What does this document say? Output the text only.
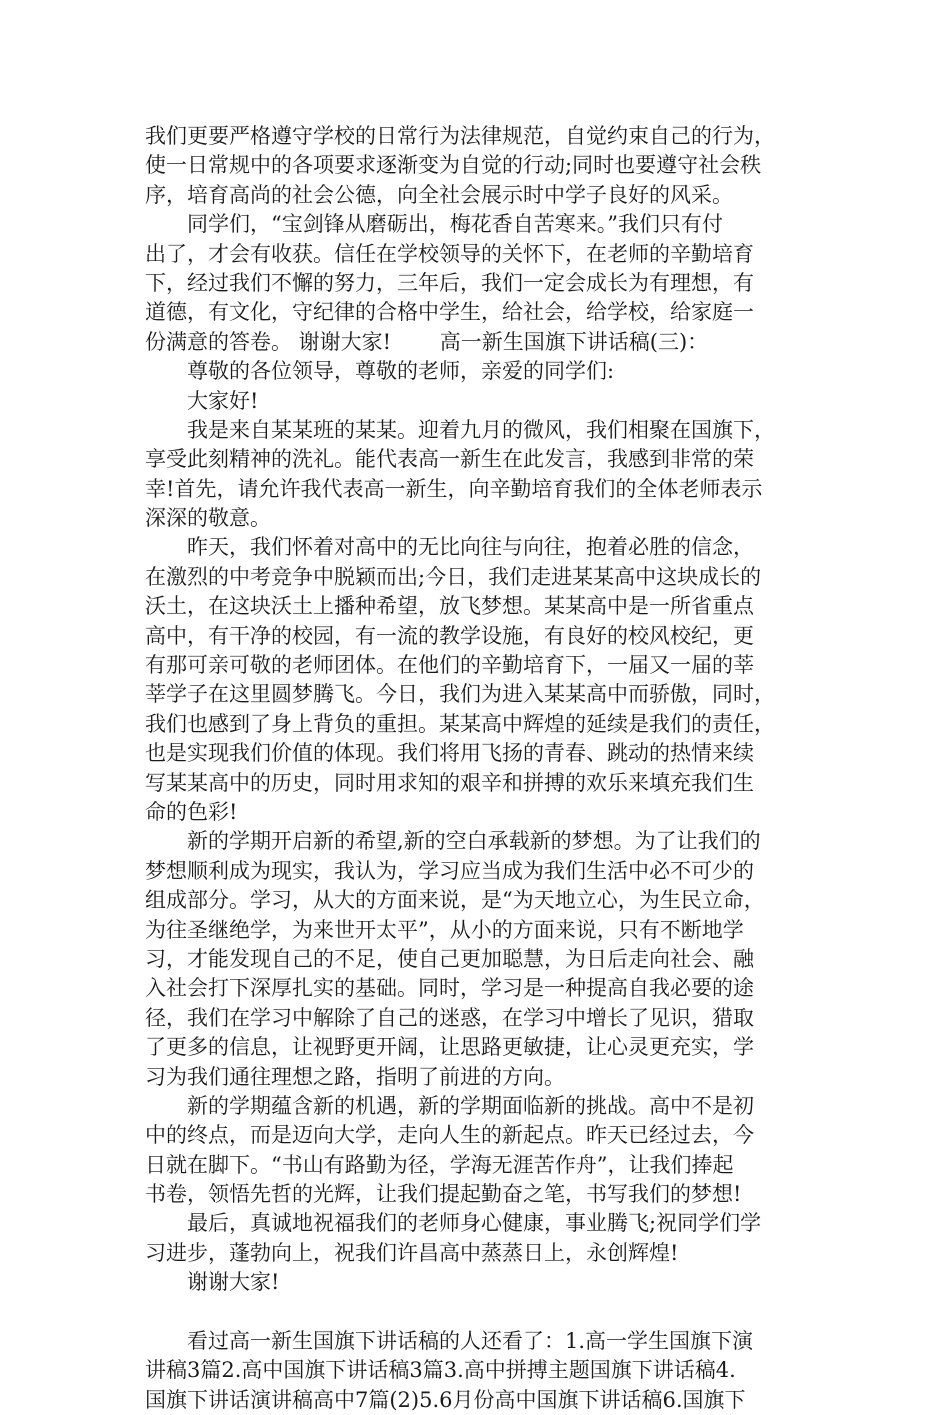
我们更要严格遵守学校的日常行为法律规范，自觉约束自己的行为，
使一日常规中的各项要求逐渐变为自觉的行动;同时也要遵守社会秩
序，培育高尚的社会公德，向全社会展示时中学子良好的风采。
同学们，“宝剑锋从磨砺出，梅花香自苦寒来。”我们只有付
出了，才会有收获。信任在学校领导的关怀下，在老师的辛勤培育
下，经过我们不懈的努力，三年后，我们一定会成长为有理想，有
道德，有文化，守纪律的合格中学生，给社会，给学校，给家庭一
份满意的答卷。 谢谢大家!　　 高一新生国旗下讲话稿(三)：
尊敬的各位领导，尊敬的老师，亲爱的同学们:
大家好!
我是来自某某班的某某。迎着九月的微风，我们相聚在国旗下，
享受此刻精神的洗礼。能代表高一新生在此发言，我感到非常的荣
幸!首先，请允许我代表高一新生，向辛勤培育我们的全体老师表示
深深的敬意。
昨天，我们怀着对高中的无比向往与向往，抱着必胜的信念，
在激烈的中考竞争中脱颖而出;今日，我们走进某某高中这块成长的
沃土，在这块沃土上播种希望，放飞梦想。某某高中是一所省重点
高中，有干净的校园，有一流的教学设施，有良好的校风校纪，更
有那可亲可敬的老师团体。在他们的辛勤培育下，一届又一届的莘
莘学子在这里圆梦腾飞。今日，我们为进入某某高中而骄傲，同时，
我们也感到了身上背负的重担。某某高中辉煌的延续是我们的责任，
也是实现我们价值的体现。我们将用飞扬的青春、跳动的热情来续
写某某高中的历史，同时用求知的艰辛和拼搏的欢乐来填充我们生
命的色彩!
新的学期开启新的希望,新的空白承载新的梦想。为了让我们的
梦想顺利成为现实，我认为，学习应当成为我们生活中必不可少的
组成部分。学习，从大的方面来说，是“为天地立心，为生民立命，
为往圣继绝学，为来世开太平”，从小的方面来说，只有不断地学
习，才能发现自己的不足，使自己更加聪慧，为日后走向社会、融
入社会打下深厚扎实的基础。同时，学习是一种提高自我必要的途
径，我们在学习中解除了自己的迷惑，在学习中增长了见识，猎取
了更多的信息，让视野更开阔，让思路更敏捷，让心灵更充实，学
习为我们通往理想之路，指明了前进的方向。
新的学期蕴含新的机遇，新的学期面临新的挑战。高中不是初
中的终点，而是迈向大学，走向人生的新起点。昨天已经过去，今
日就在脚下。“书山有路勤为径，学海无涯苦作舟”，让我们捧起
书卷，领悟先哲的光辉，让我们提起勤奋之笔，书写我们的梦想!
最后，真诚地祝福我们的老师身心健康，事业腾飞;祝同学们学
习进步，蓬勃向上，祝我们许昌高中蒸蒸日上，永创辉煌!
谢谢大家!
看过高一新生国旗下讲话稿的人还看了：1.高一学生国旗下演
讲稿3篇2.高中国旗下讲话稿3篇3.高中拼搏主题国旗下讲话稿4.
国旗下讲话演讲稿高中7篇(2)5.6月份高中国旗下讲话稿6.国旗下
